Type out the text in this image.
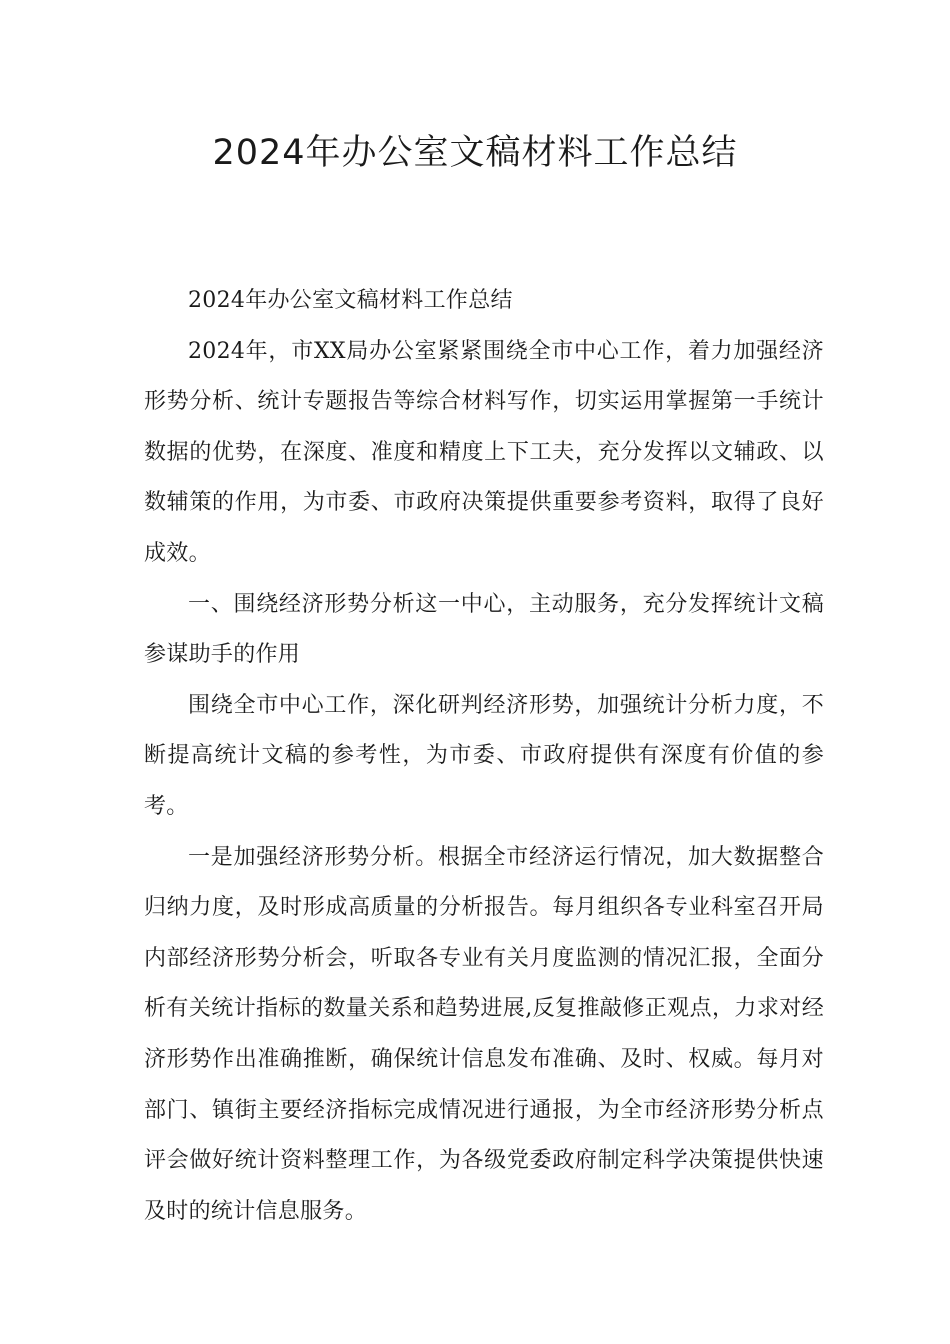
2024年办公室文稿材料工作总结

2024年办公室文稿材料工作总结

2024年，市XX局办公室紧紧围绕全市中心工作，着力加强经济形势分析、统计专题报告等综合材料写作，切实运用掌握第一手统计数据的优势，在深度、准度和精度上下工夫，充分发挥以文辅政、以数辅策的作用，为市委、市政府决策提供重要参考资料，取得了良好成效。

一、围绕经济形势分析这一中心，主动服务，充分发挥统计文稿参谋助手的作用

围绕全市中心工作，深化研判经济形势，加强统计分析力度，不断提高统计文稿的参考性，为市委、市政府提供有深度有价值的参考。

一是加强经济形势分析。根据全市经济运行情况，加大数据整合归纳力度，及时形成高质量的分析报告。每月组织各专业科室召开局内部经济形势分析会，听取各专业有关月度监测的情况汇报，全面分析有关统计指标的数量关系和趋势进展,反复推敲修正观点，力求对经济形势作出准确推断，确保统计信息发布准确、及时、权威。每月对部门、镇街主要经济指标完成情况进行通报，为全市经济形势分析点评会做好统计资料整理工作，为各级党委政府制定科学决策提供快速及时的统计信息服务。
